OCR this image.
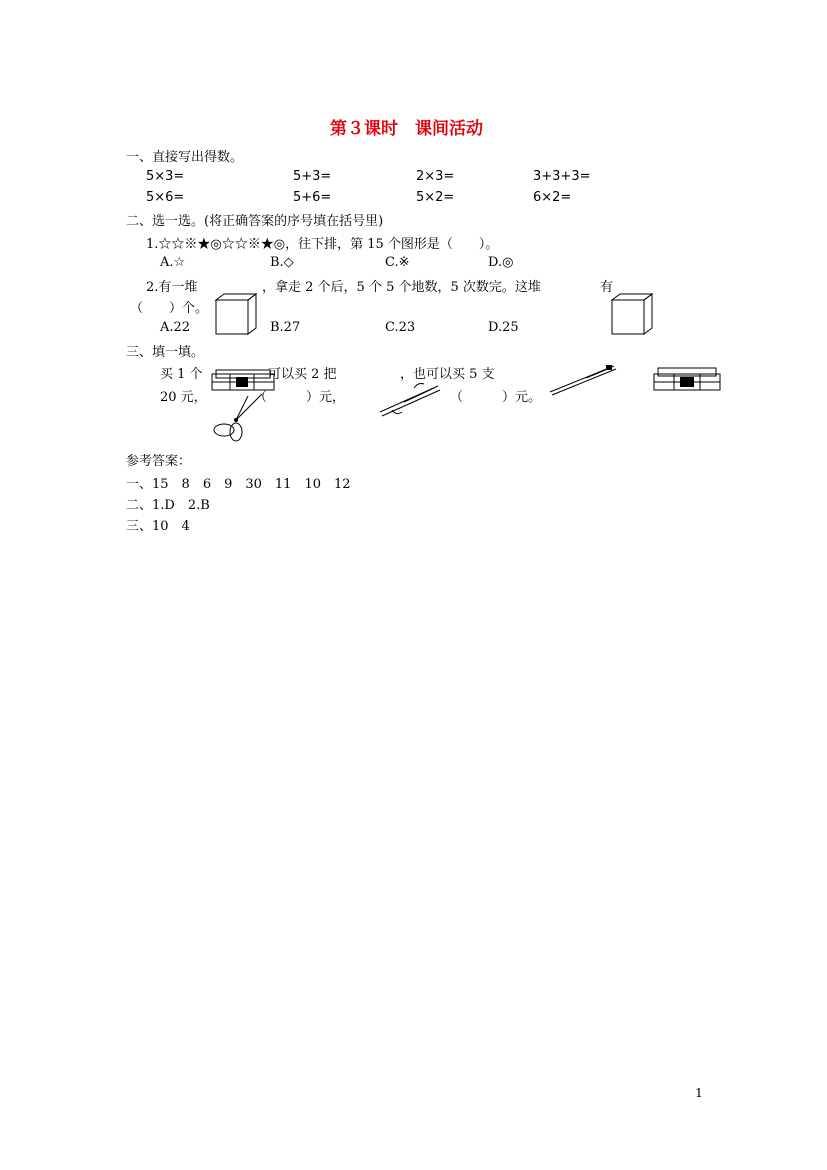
第３课时　课间活动
一、直接写出得数。
5×3=	5+3=	2×3=	3+3+3=
5×6=	5+6=	5×2=	6×2=
二、选一选。(将正确答案的序号填在括号里)
1.☆☆※★◎☆☆※★◎，往下排，第 15 个图形是（　　）。
A.☆	B.◇	C.※	D.◎
2.有一堆	，拿走 2 个后，5 个 5 个地数，5 次数完。这堆	有
（　　）个。
A.22	B.27	C.23	D.25
三、填一填。
买 1 个	可以买 2 把	，也可以买 5 支
20 元，	（　　　）元，	（　　　）元。
参考答案：
一、15　8　6　9　30　11　10　12
二、1.D　2.B
三、10　4
1
